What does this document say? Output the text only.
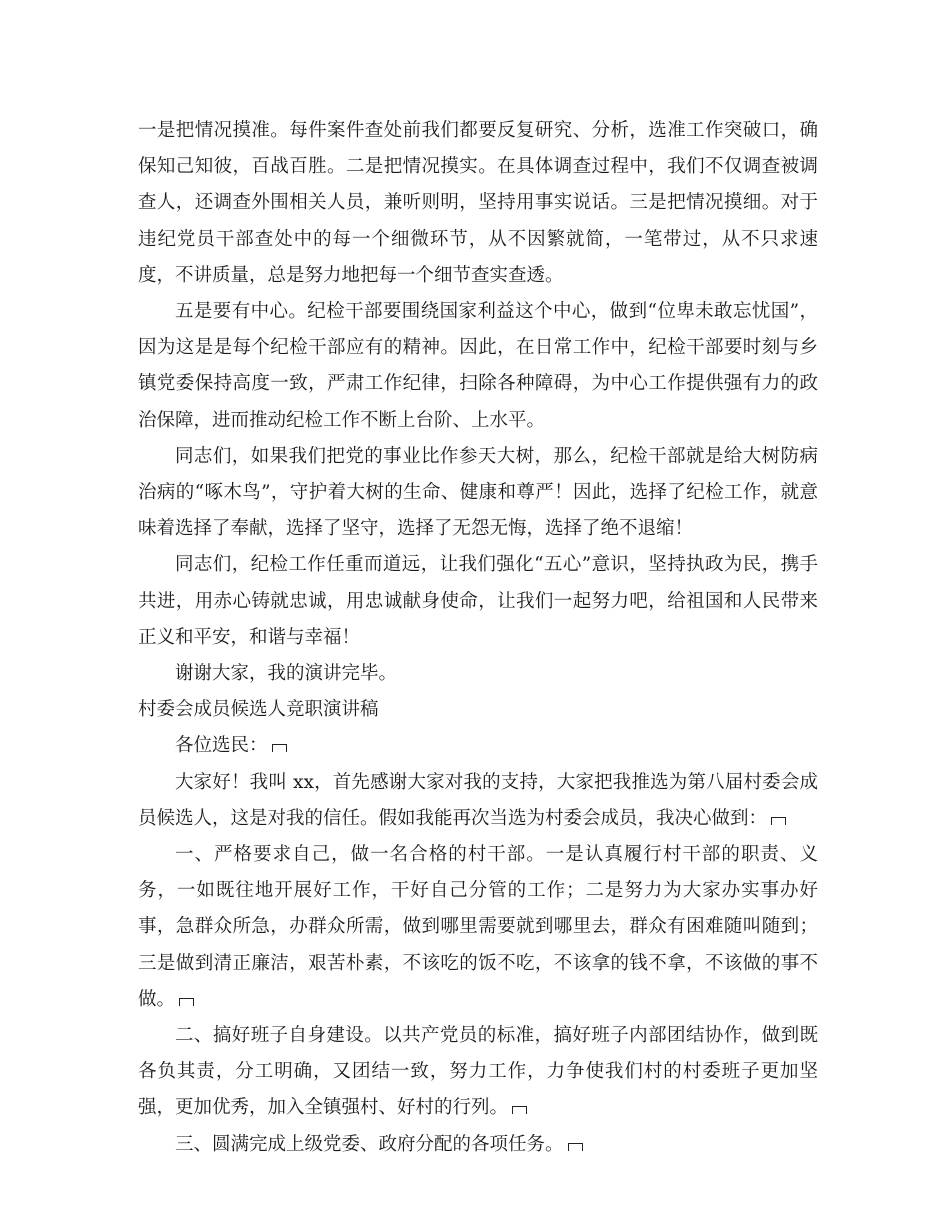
一是把情况摸准。每件案件查处前我们都要反复研究、分析，选准工作突破口，确保知己知彼，百战百胜。二是把情况摸实。在具体调查过程中，我们不仅调查被调查人，还调查外围相关人员，兼听则明，坚持用事实说话。三是把情况摸细。对于违纪党员干部查处中的每一个细微环节，从不因繁就简，一笔带过，从不只求速度，不讲质量，总是努力地把每一个细节查实查透。

五是要有中心。纪检干部要围绕国家利益这个中心，做到“位卑未敢忘忧国”，因为这是是每个纪检干部应有的精神。因此，在日常工作中，纪检干部要时刻与乡镇党委保持高度一致，严肃工作纪律，扫除各种障碍，为中心工作提供强有力的政治保障，进而推动纪检工作不断上台阶、上水平。

同志们，如果我们把党的事业比作参天大树，那么，纪检干部就是给大树防病治病的“啄木鸟”，守护着大树的生命、健康和尊严！因此，选择了纪检工作，就意味着选择了奉献，选择了坚守，选择了无怨无悔，选择了绝不退缩！

同志们，纪检工作任重而道远，让我们强化“五心”意识，坚持执政为民，携手共进，用赤心铸就忠诚，用忠诚献身使命，让我们一起努力吧，给祖国和人民带来正义和平安，和谐与幸福！

谢谢大家，我的演讲完毕。

村委会成员候选人竞职演讲稿

各位选民：

大家好！我叫 xx，首先感谢大家对我的支持，大家把我推选为第八届村委会成员候选人，这是对我的信任。假如我能再次当选为村委会成员，我决心做到：

一、严格要求自己，做一名合格的村干部。一是认真履行村干部的职责、义务，一如既往地开展好工作，干好自己分管的工作；二是努力为大家办实事办好事，急群众所急，办群众所需，做到哪里需要就到哪里去，群众有困难随叫随到；三是做到清正廉洁，艰苦朴素，不该吃的饭不吃，不该拿的钱不拿，不该做的事不做。

二、搞好班子自身建设。以共产党员的标准，搞好班子内部团结协作，做到既各负其责，分工明确，又团结一致，努力工作，力争使我们村的村委班子更加坚强，更加优秀，加入全镇强村、好村的行列。

三、圆满完成上级党委、政府分配的各项任务。
